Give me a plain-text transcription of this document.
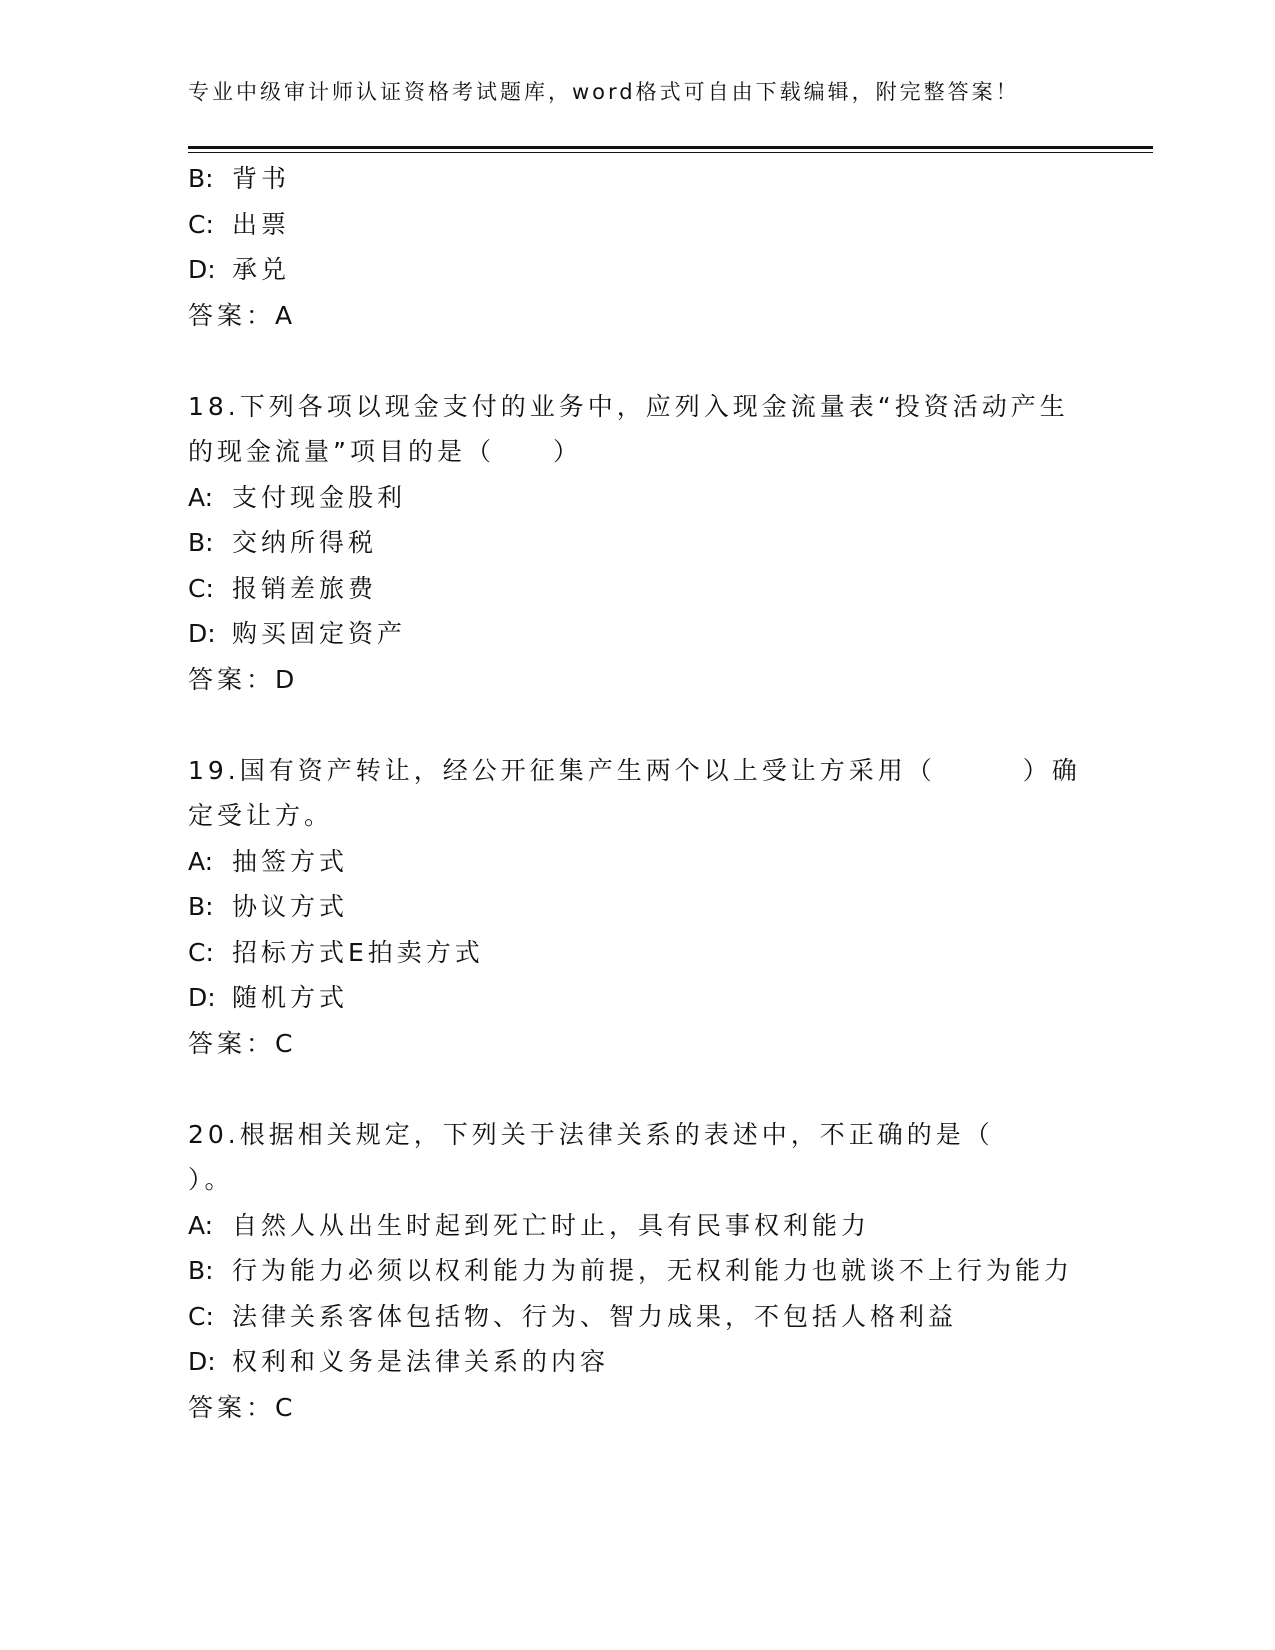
专业中级审计师认证资格考试题库，word格式可自由下载编辑，附完整答案！
B: 背书
C: 出票
D: 承兑
答案：A
18.下列各项以现金支付的业务中，应列入现金流量表“投资活动产生
的现金流量”项目的是（　　）
A: 支付现金股利
B: 交纳所得税
C: 报销差旅费
D: 购买固定资产
答案：D
19.国有资产转让，经公开征集产生两个以上受让方采用（　　　）确
定受让方。
A: 抽签方式
B: 协议方式
C: 招标方式E拍卖方式
D: 随机方式
答案：C
20.根据相关规定，下列关于法律关系的表述中，不正确的是（
）。
A: 自然人从出生时起到死亡时止，具有民事权利能力
B: 行为能力必须以权利能力为前提，无权利能力也就谈不上行为能力
C: 法律关系客体包括物、行为、智力成果，不包括人格利益
D: 权利和义务是法律关系的内容
答案：C
